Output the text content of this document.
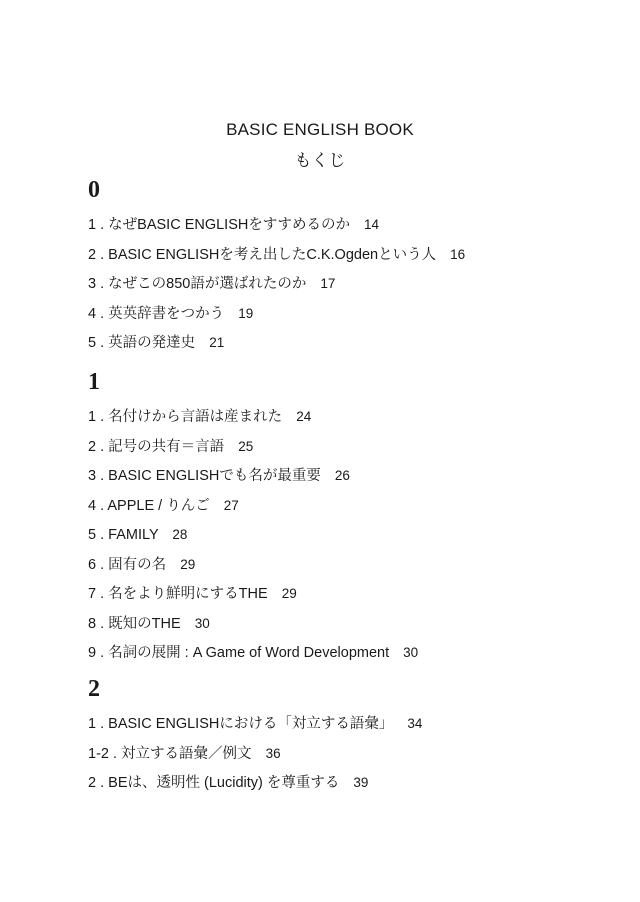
BASIC ENGLISH BOOK
もくじ
0
1 . なぜBASIC ENGLISHをすすめるのか 14
2 . BASIC ENGLISHを考え出したC.K.Ogdenという人 16
3 . なぜこの850語が選ばれたのか 17
4 . 英英辞書をつかう 19
5 . 英語の発達史 21
1
1 . 名付けから言語は産まれた 24
2 . 記号の共有＝言語 25
3 . BASIC ENGLISHでも名が最重要 26
4 . APPLE / りんご 27
5 . FAMILY 28
6 . 固有の名 29
7 . 名をより鮮明にするTHE 29
8 . 既知のTHE 30
9 . 名詞の展開 : A Game of Word Development 30
2
1 . BASIC ENGLISHにおける「対立する語彙」 34
1-2 . 対立する語彙／例文 36
2 . BEは、透明性 (Lucidity) を尊重する 39
